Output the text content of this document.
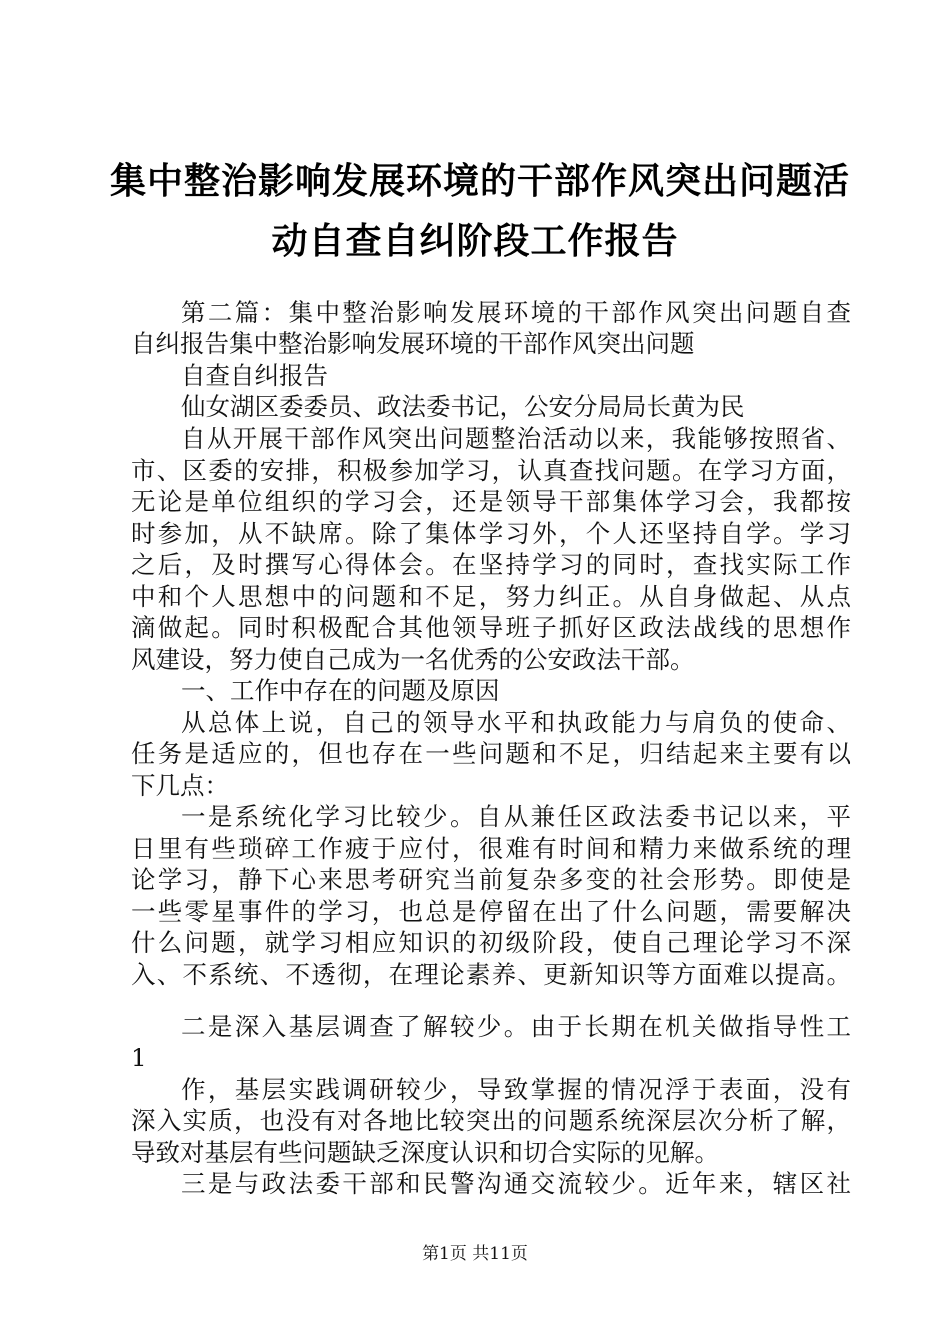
集中整治影响发展环境的干部作风突出问题活
动自查自纠阶段工作报告
第二篇：集中整治影响发展环境的干部作风突出问题自查
自纠报告集中整治影响发展环境的干部作风突出问题
自查自纠报告
仙女湖区委委员、政法委书记，公安分局局长黄为民
自从开展干部作风突出问题整治活动以来，我能够按照省、
市、区委的安排，积极参加学习，认真查找问题。在学习方面，
无论是单位组织的学习会，还是领导干部集体学习会，我都按
时参加，从不缺席。除了集体学习外，个人还坚持自学。学习
之后，及时撰写心得体会。在坚持学习的同时，查找实际工作
中和个人思想中的问题和不足，努力纠正。从自身做起、从点
滴做起。同时积极配合其他领导班子抓好区政法战线的思想作
风建设，努力使自己成为一名优秀的公安政法干部。
一、工作中存在的问题及原因
从总体上说，自己的领导水平和执政能力与肩负的使命、
任务是适应的，但也存在一些问题和不足，归结起来主要有以
下几点：
一是系统化学习比较少。自从兼任区政法委书记以来，平
日里有些琐碎工作疲于应付，很难有时间和精力来做系统的理
论学习，静下心来思考研究当前复杂多变的社会形势。即使是
一些零星事件的学习，也总是停留在出了什么问题，需要解决
什么问题，就学习相应知识的初级阶段，使自己理论学习不深
入、不系统、不透彻，在理论素养、更新知识等方面难以提高。
二是深入基层调查了解较少。由于长期在机关做指导性工
1
作，基层实践调研较少，导致掌握的情况浮于表面，没有
深入实质，也没有对各地比较突出的问题系统深层次分析了解，
导致对基层有些问题缺乏深度认识和切合实际的见解。
三是与政法委干部和民警沟通交流较少。近年来，辖区社
第1页 共11页
